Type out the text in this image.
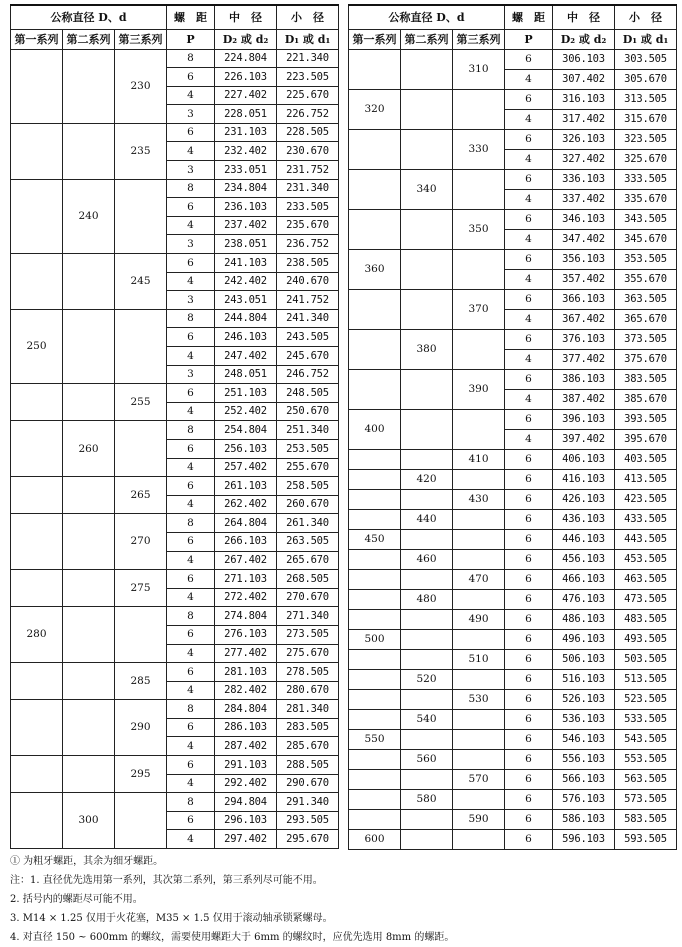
公称直径 D、d			螺　距	中　径	小　径
第一系列	第二系列	第三系列	P	D₂ 或 d₂	D₁ 或 d₁
		230	8	224.804	221.340
			6	226.103	223.505
			4	227.402	225.670
			3	228.051	226.752
		235	6	231.103	228.505
			4	232.402	230.670
			3	233.051	231.752
	240		8	234.804	231.340
			6	236.103	233.505
			4	237.402	235.670
			3	238.051	236.752
		245	6	241.103	238.505
			4	242.402	240.670
			3	243.051	241.752
250			8	244.804	241.340
			6	246.103	243.505
			4	247.402	245.670
			3	248.051	246.752
		255	6	251.103	248.505
			4	252.402	250.670
	260		8	254.804	251.340
			6	256.103	253.505
			4	257.402	255.670
		265	6	261.103	258.505
			4	262.402	260.670
		270	8	264.804	261.340
			6	266.103	263.505
			4	267.402	265.670
		275	6	271.103	268.505
			4	272.402	270.670
280			8	274.804	271.340
			6	276.103	273.505
			4	277.402	275.670
		285	6	281.103	278.505
			4	282.402	280.670
		290	8	284.804	281.340
			6	286.103	283.505
			4	287.402	285.670
		295	6	291.103	288.505
			4	292.402	290.670
	300		8	294.804	291.340
			6	296.103	293.505
			4	297.402	295.670
公称直径 D、d			螺　距	中　径	小　径
第一系列	第二系列	第三系列	P	D₂ 或 d₂	D₁ 或 d₁
		310	6	306.103	303.505
			4	307.402	305.670
320			6	316.103	313.505
			4	317.402	315.670
		330	6	326.103	323.505
			4	327.402	325.670
	340		6	336.103	333.505
			4	337.402	335.670
		350	6	346.103	343.505
			4	347.402	345.670
360			6	356.103	353.505
			4	357.402	355.670
		370	6	366.103	363.505
			4	367.402	365.670
	380		6	376.103	373.505
			4	377.402	375.670
		390	6	386.103	383.505
			4	387.402	385.670
400			6	396.103	393.505
			4	397.402	395.670
		410	6	406.103	403.505
	420		6	416.103	413.505
		430	6	426.103	423.505
	440		6	436.103	433.505
450			6	446.103	443.505
	460		6	456.103	453.505
		470	6	466.103	463.505
	480		6	476.103	473.505
		490	6	486.103	483.505
500			6	496.103	493.505
		510	6	506.103	503.505
	520		6	516.103	513.505
		530	6	526.103	523.505
	540		6	536.103	533.505
550			6	546.103	543.505
	560		6	556.103	553.505
		570	6	566.103	563.505
	580		6	576.103	573.505
		590	6	586.103	583.505
600			6	596.103	593.505
① 为粗牙螺距，其余为细牙螺距。
注：1. 直径优先选用第一系列，其次第二系列，第三系列尽可能不用。
2. 括号内的螺距尽可能不用。
3. M14 × 1.25 仅用于火花塞，M35 × 1.5 仅用于滚动轴承锁紧螺母。
4. 对直径 150 ~ 600mm 的螺纹，需要使用螺距大于 6mm 的螺纹时，应优先选用 8mm 的螺距。
